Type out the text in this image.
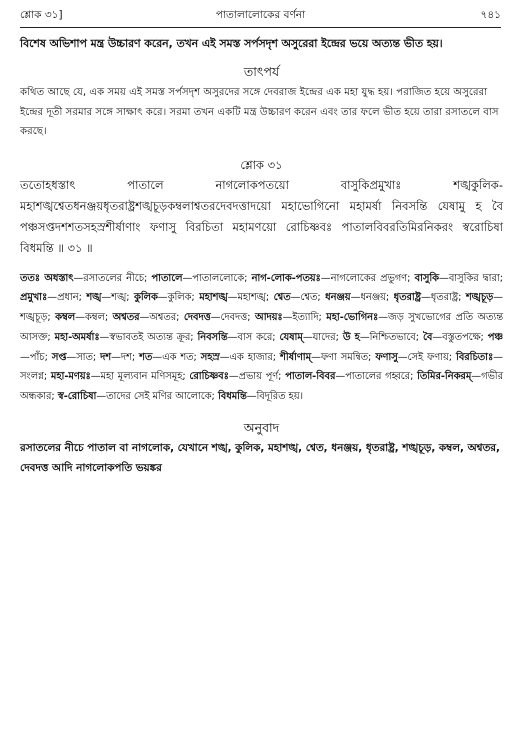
শ্লোক ৩১]	পাতালালোকের বর্ণনা	৭৪১

বিশেষ অভিশাপ মন্ত্র উচ্চারণ করেন, তখন এই সমস্ত সর্পসদৃশ অসুরেরা ইন্দ্রের ভয়ে অত্যন্ত ভীত হয়।

তাৎপর্য

কথিত আছে যে, এক সময় এই সমস্ত সর্পসদৃশ অসুরদের সঙ্গে দেবরাজ ইন্দ্রের এক মহা যুদ্ধ হয়। পরাজিত হয়ে অসুরেরা ইন্দ্রের দূতী সরমার সঙ্গে সাক্ষাৎ করে। সরমা তখন একটি মন্ত্র উচ্চারণ করেন এবং তার ফলে ভীত হয়ে তারা রসাতলে বাস করছে।

শ্লোক ৩১

ততোহধস্তাৎ পাতালে নাগলোকপতয়ো বাসুকিপ্রমুখাঃ শঙ্খকুলিক-মহাশঙ্খশ্বেতধনঞ্জয়ধৃতরাষ্ট্রশঙ্খচূড়কম্বলাশ্বতরদেবদত্তাদয়ো মহাভোগিনো মহামর্ষা নিবসন্তি যেষামু হ বৈ পঞ্চসপ্তদশশতসহস্রশীর্ষাণাং ফণাসু বিরচিতা মহামণয়ো রোচিষ্ণবঃ পাতালবিবরতিমিরনিকরং স্বরোচিষা বিধমন্তি ॥ ৩১ ॥

ততঃ অধস্তাৎ—রসাতলের নীচে; পাতালে—পাতাললোকে; নাগ-লোক-পতয়ঃ—নাগলোকের প্রভুগণ; বাসুকি—বাসুকির দ্বারা; প্রমুখাঃ—প্রধান; শঙ্খ—শঙ্খ; কুলিক—কুলিক; মহাশঙ্খ—মহাশঙ্খ; শ্বেত—শ্বেত; ধনঞ্জয়—ধনঞ্জয়; ধৃতরাষ্ট্র—ধৃতরাষ্ট্র; শঙ্খচূড়—শঙ্খচূড়; কম্বল—কম্বল; অশ্বতর—অশ্বতর; দেবদত্ত—দেবদত্ত; আদয়ঃ—ইত্যাদি; মহা-ভোগিনঃ—জড় সুখভোগের প্রতি অত্যন্ত আসক্ত; মহা-অমর্ষাঃ—স্বভাবতই অত্যন্ত ক্রূর; নিবসন্তি—বাস করে; যেষাম্—যাদের; উ হ—নিশ্চিতভাবে; বৈ—বস্তুতপক্ষে; পঞ্চ—পাঁচ; সপ্ত—সাত; দশ—দশ; শত—এক শত; সহস্র—এক হাজার; শীর্ষাণাম্—ফণা সমন্বিত; ফণাসু—সেই ফণায়; বিরচিতাঃ—সংলগ্ন; মহা-মণয়ঃ—মহা মূল্যবান মণিসমূহ; রোচিষ্ণবঃ—প্রভায় পূর্ণ; পাতাল-বিবর—পাতালের গহ্বরে; তিমির-নিকরম্—গভীর অন্ধকার; স্ব-রোচিষা—তাদের সেই মণির আলোকে; বিধমন্তি—বিদূরিত হয়।

অনুবাদ

রসাতলের নীচে পাতাল বা নাগলোক, যেখানে শঙ্খ, কুলিক, মহাশঙ্খ, শ্বেত, ধনঞ্জয়, ধৃতরাষ্ট্র, শঙ্খচূড়, কম্বল, অশ্বতর, দেবদত্ত আদি নাগলোকপতি ভয়ঙ্কর
